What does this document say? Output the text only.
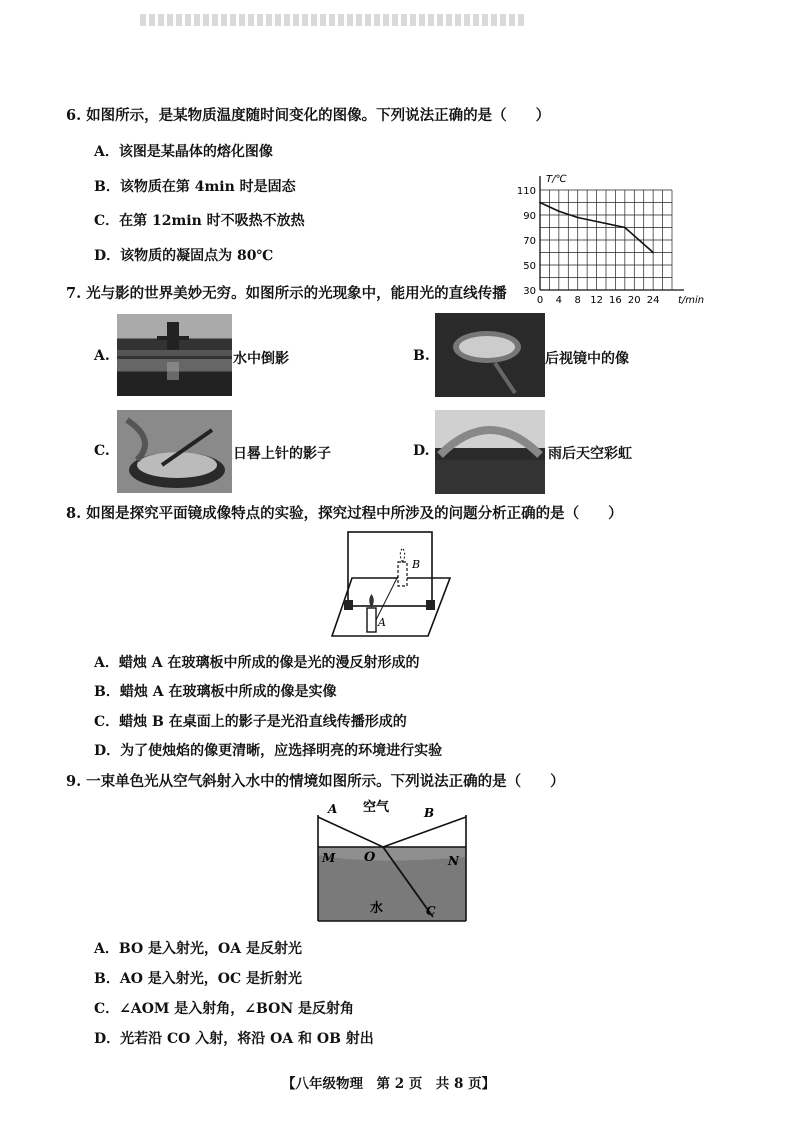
6. 如图所示，是某物质温度随时间变化的图像。下列说法正确的是（　　）
A．该图是某晶体的熔化图像
B．该物质在第 4min 时是固态
C．在第 12min 时不吸热不放热
D．该物质的凝固点为 80℃
0 4 8 12 16 20 24
30
50
70
90
110
T/℃
t/min
7. 光与影的世界美妙无穷。如图所示的光现象中，能用光的直线传播
A.	水中倒影	B.	后视镜中的像
C.	日晷上针的影子	D.	雨后天空彩虹
8. 如图是探究平面镜成像特点的实验，探究过程中所涉及的问题分析正确的是（　　）
B
A
A．蜡烛 A 在玻璃板中所成的像是光的漫反射形成的
B．蜡烛 A 在玻璃板中所成的像是实像
C．蜡烛 B 在桌面上的影子是光沿直线传播形成的
D．为了使烛焰的像更清晰，应选择明亮的环境进行实验
9. 一束单色光从空气斜射入水中的情境如图所示。下列说法正确的是（　　）
A 空气	B
M O	N
水	C
A．BO 是入射光，OA 是反射光
B．AO 是入射光，OC 是折射光
C．∠AOM 是入射角，∠BON 是反射角
D．光若沿 CO 入射，将沿 OA 和 OB 射出
【八年级物理　第 2 页　共 8 页】
